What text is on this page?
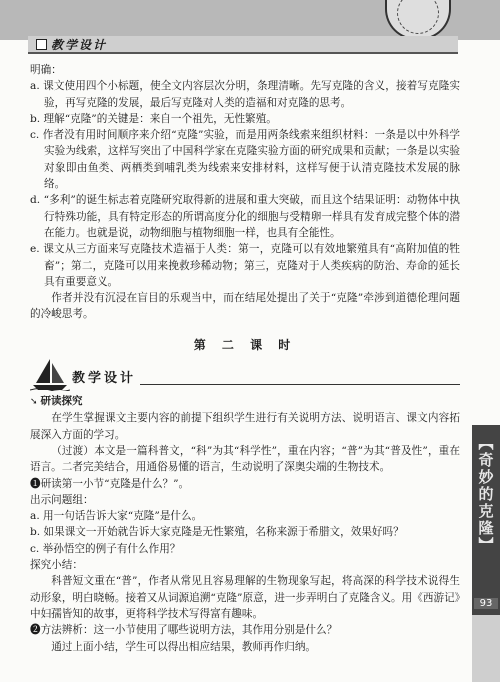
教学设计
【奇妙的克隆】
93

明确：

a. 课文使用四个小标题，使全文内容层次分明，条理清晰。先写克隆的含义，接着写克隆实验，再写克隆的发展，最后写克隆对人类的造福和对克隆的思考。

b. 理解“克隆”的关键是：来自一个祖先，无性繁殖。

c. 作者没有用时间顺序来介绍“克隆”实验，而是用两条线索来组织材料：一条是以中外科学实验为线索，这样写突出了中国科学家在克隆实验方面的研究成果和贡献；一条是以实验对象即由鱼类、两栖类到哺乳类为线索来安排材料，这样写便于认清克隆技术发展的脉络。

d. “多利”的诞生标志着克隆研究取得新的进展和重大突破，而且这个结果证明：动物体中执行特殊功能，具有特定形态的所谓高度分化的细胞与受精卵一样具有发育成完整个体的潜在能力。也就是说，动物细胞与植物细胞一样，也具有全能性。

e. 课文从三方面来写克隆技术造福于人类：第一，克隆可以有效地繁殖具有“高附加值的牲畜”；第二，克隆可以用来挽救珍稀动物；第三，克隆对于人类疾病的防治、寿命的延长具有重要意义。

作者并没有沉浸在盲目的乐观当中，而在结尾处提出了关于“克隆”牵涉到道德伦理问题的冷峻思考。

第 二 课 时
教学设计

➘ 研读探究

在学生掌握课文主要内容的前提下组织学生进行有关说明方法、说明语言、课文内容拓展深入方面的学习。

（过渡）本文是一篇科普文，“科”为其“科学性”，重在内容；“普”为其“普及性”，重在语言。二者完美结合，用通俗易懂的语言，生动说明了深奥尖端的生物技术。

❶研读第一小节“克隆是什么？”。

出示问题组：

a. 用一句话告诉大家“克隆”是什么。

b. 如果课文一开始就告诉大家克隆是无性繁殖，名称来源于希腊文，效果好吗？

c. 举孙悟空的例子有什么作用？

探究小结：

科普短文重在“普”，作者从常见且容易理解的生物现象写起，将高深的科学技术说得生动形象，明白晓畅。接着又从词源追溯“克隆”原意，进一步弄明白了克隆含义。用《西游记》中妇孺皆知的故事，更将科学技术写得富有趣味。

❷方法辨析：这一小节使用了哪些说明方法，其作用分别是什么？

通过上面小结，学生可以得出相应结果，教师再作归纳。
